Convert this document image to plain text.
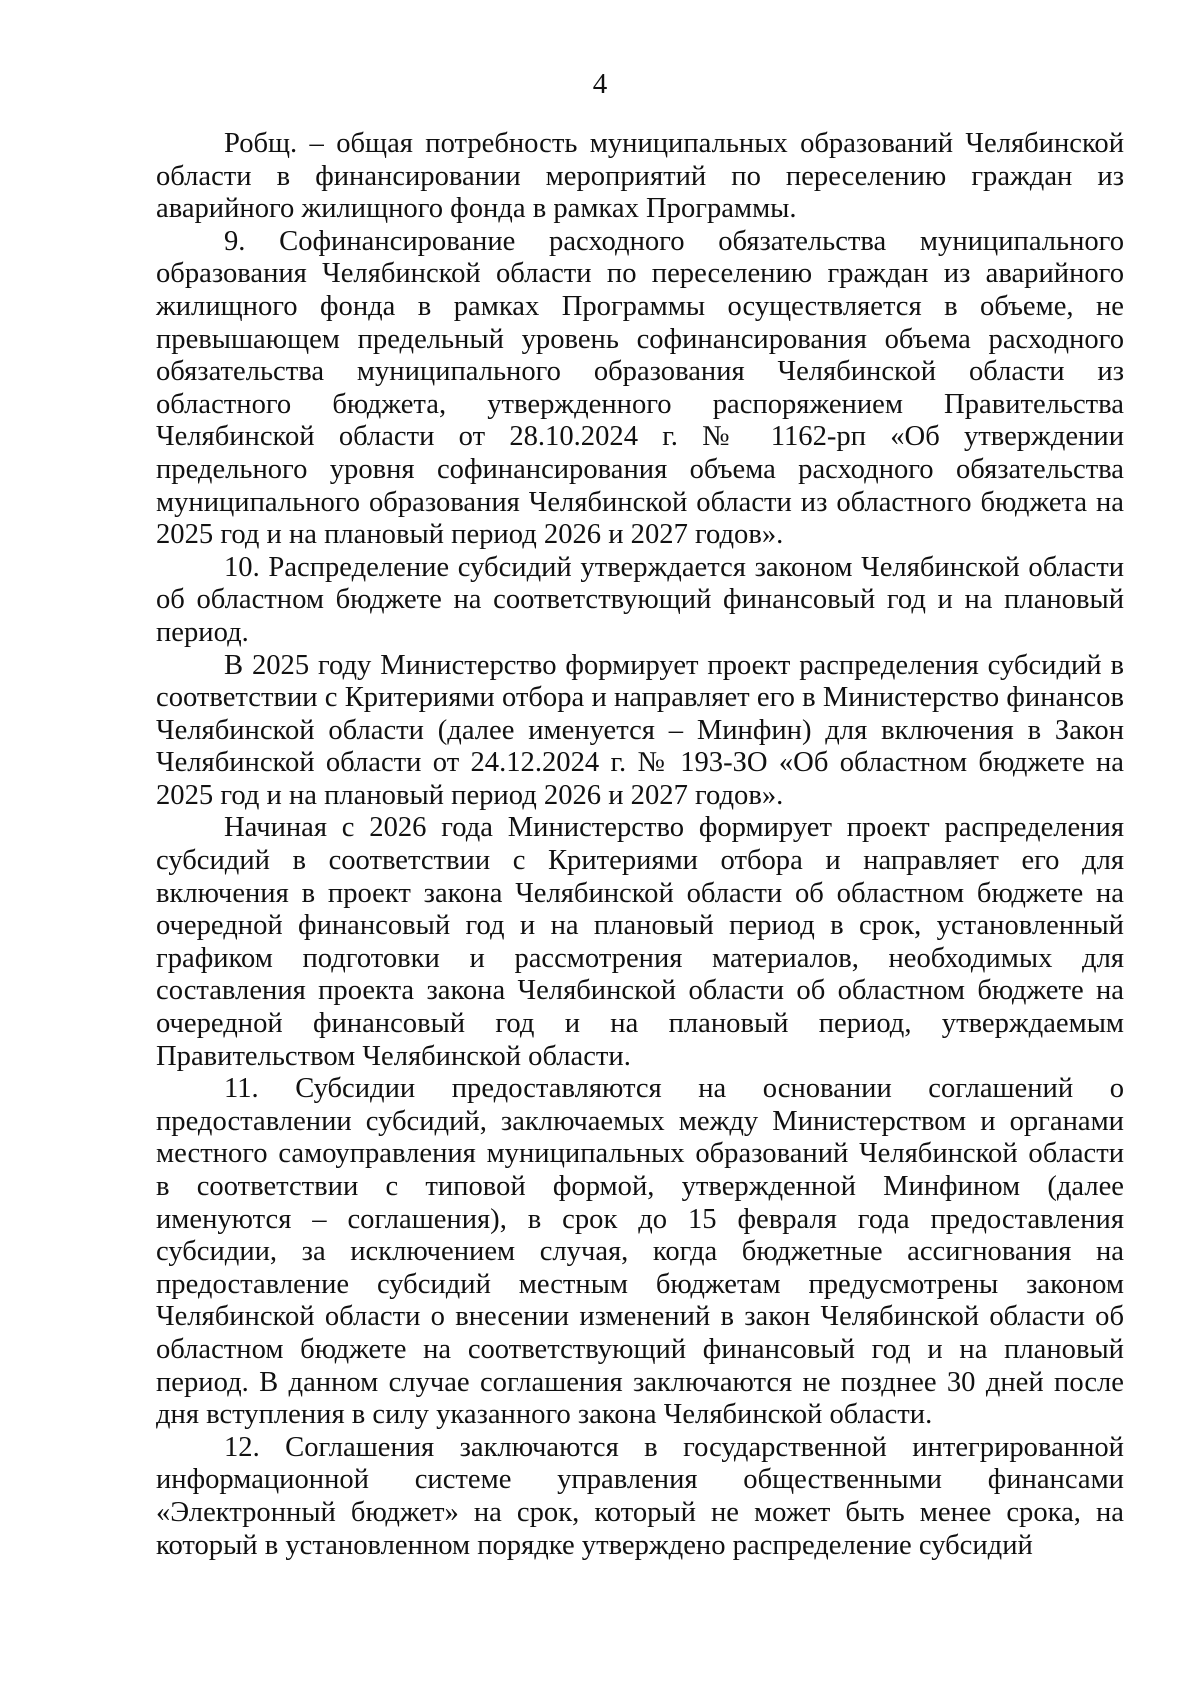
4

Робщ. – общая потребность муниципальных образований Челябинской области в финансировании мероприятий по переселению граждан из аварийного жилищного фонда в рамках Программы.

9. Софинансирование расходного обязательства муниципального образования Челябинской области по переселению граждан из аварийного жилищного фонда в рамках Программы осуществляется в объеме, не превышающем предельный уровень софинансирования объема расходного обязательства муниципального образования Челябинской области из областного бюджета, утвержденного распоряжением Правительства Челябинской области от 28.10.2024 г. № 1162-рп «Об утверждении предельного уровня софинансирования объема расходного обязательства муниципального образования Челябинской области из областного бюджета на 2025 год и на плановый период 2026 и 2027 годов».

10. Распределение субсидий утверждается законом Челябинской области об областном бюджете на соответствующий финансовый год и на плановый период.

В 2025 году Министерство формирует проект распределения субсидий в соответствии с Критериями отбора и направляет его в Министерство финансов Челябинской области (далее именуется – Минфин) для включения в Закон Челябинской области от 24.12.2024 г. № 193-ЗО «Об областном бюджете на 2025 год и на плановый период 2026 и 2027 годов».

Начиная с 2026 года Министерство формирует проект распределения субсидий в соответствии с Критериями отбора и направляет его для включения в проект закона Челябинской области об областном бюджете на очередной финансовый год и на плановый период в срок, установленный графиком подготовки и рассмотрения материалов, необходимых для составления проекта закона Челябинской области об областном бюджете на очередной финансовый год и на плановый период, утверждаемым Правительством Челябинской области.

11. Субсидии предоставляются на основании соглашений о предоставлении субсидий, заключаемых между Министерством и органами местного самоуправления муниципальных образований Челябинской области в соответствии с типовой формой, утвержденной Минфином (далее именуются – соглашения), в срок до 15 февраля года предоставления субсидии, за исключением случая, когда бюджетные ассигнования на предоставление субсидий местным бюджетам предусмотрены законом Челябинской области о внесении изменений в закон Челябинской области об областном бюджете на соответствующий финансовый год и на плановый период. В данном случае соглашения заключаются не позднее 30 дней после дня вступления в силу указанного закона Челябинской области.

12. Соглашения заключаются в государственной интегрированной информационной системе управления общественными финансами «Электронный бюджет» на срок, который не может быть менее срока, на который в установленном порядке утверждено распределение субсидий
